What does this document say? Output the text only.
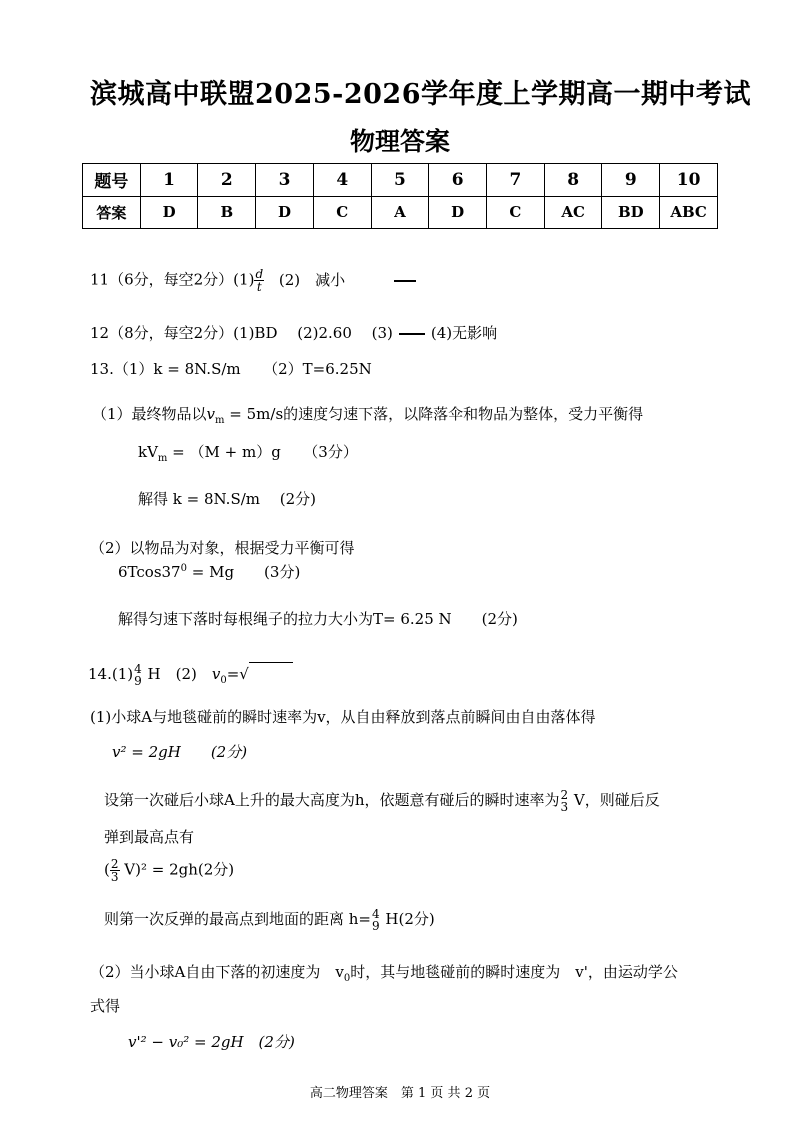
滨城高中联盟2025-2026学年度上学期高一期中考试
物理答案
题号	1	2	3	4	5	6	7	8	9	10
答案	D	B	D	C	A	D	C	AC	BD	ABC
11（6分，每空2分）$(1) \frac{d}{t} (2)$　减小
12（8分，每空2分）(1)BD　 (2)2.60　 (3)	(4)无影响
13.（1）k = 8N.S/m　　（2）T=6.25N
（1）最终物品以$v_m = 5m/s$的速度匀速下落，以降落伞和物品为整体，受力平衡得
$kV_m = (M + m)g$　　（3分）
解得 k = 8N.S/m　 (2分)
（2）以物品为对象，根据受力平衡可得
$6Tcos37^0 = Mg$　　(3分)
解得匀速下落时每根绳子的拉力大小为T= 6.25 N　　(2分)
14.(1) 4
9 H　(2)　$v_0=√$
(1)小球A与地毯碰前的瞬时速率为v，从自由释放到落点前瞬间由自由落体得
v² = 2gH　　(2分)
设第一次碰后小球A上升的最大高度为h，依题意有碰后的瞬时速率为 2
3 V，则碰后反
弹到最高点有
( $\frac{2}{3} V)^2 = 2gh(2$分)
则第一次反弹的最高点到地面的距离 h= 4
9 H(2分)
（2）当小球A自由下落的初速度为　$v_0$时，其与地毯碰前的瞬时速度为　v'，由运动学公
式得
v'² − v₀² = 2gH　(2分)
高二物理答案　第 1 页 共 2 页
